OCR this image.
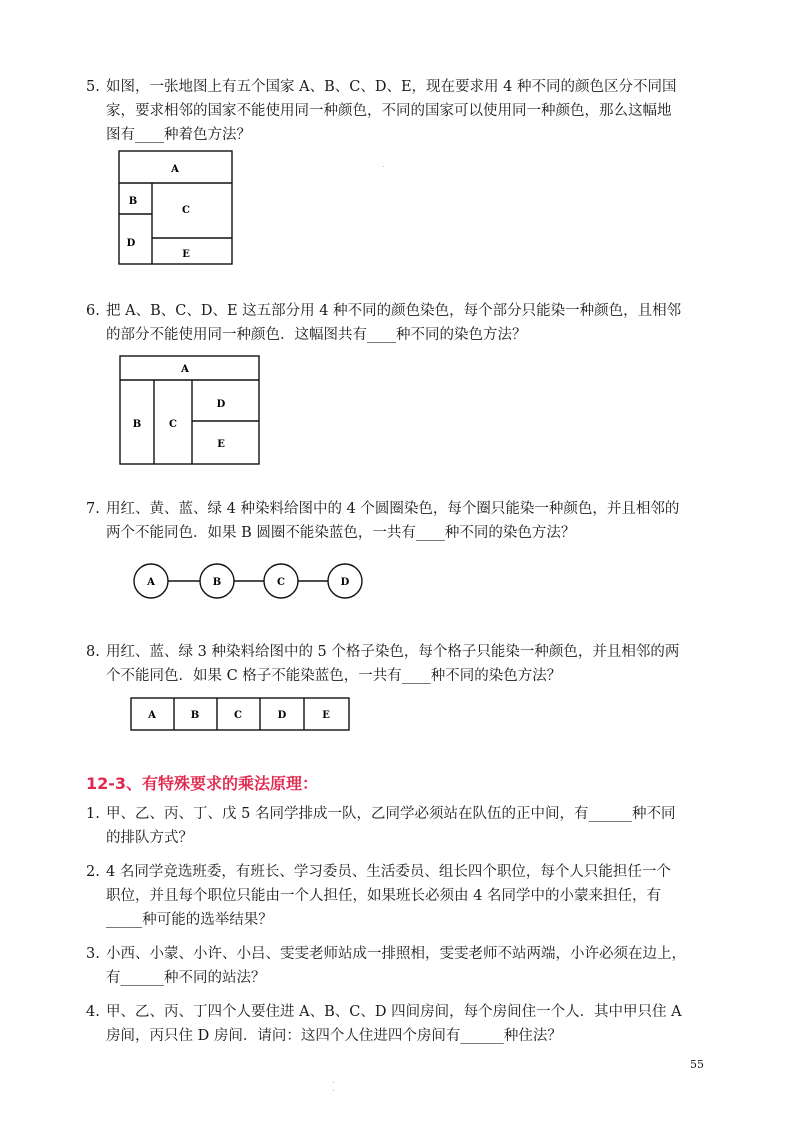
5. 如图，一张地图上有五个国家 A、B、C、D、E，现在要求用 4 种不同的颜色区分不同国
家，要求相邻的国家不能使用同一种颜色，不同的国家可以使用同一种颜色，那么这幅地
图有____种着色方法？
A
B
C
D
E
6. 把 A、B、C、D、E 这五部分用 4 种不同的颜色染色，每个部分只能染一种颜色，且相邻
的部分不能使用同一种颜色．这幅图共有____种不同的染色方法？
A
B	C
D
E
7. 用红、黄、蓝、绿 4 种染料给图中的 4 个圆圈染色，每个圈只能染一种颜色，并且相邻的
两个不能同色．如果 B 圆圈不能染蓝色，一共有____种不同的染色方法？
A	B	C	D
8. 用红、蓝、绿 3 种染料给图中的 5 个格子染色，每个格子只能染一种颜色，并且相邻的两
个不能同色．如果 C 格子不能染蓝色，一共有____种不同的染色方法？
A	B	C	D	E
12-3、有特殊要求的乘法原理：
1. 甲、乙、丙、丁、戊 5 名同学排成一队，乙同学必须站在队伍的正中间，有______种不同
的排队方式？
2. 4 名同学竞选班委，有班长、学习委员、生活委员、组长四个职位，每个人只能担任一个
职位，并且每个职位只能由一个人担任，如果班长必须由 4 名同学中的小蒙来担任，有
_____种可能的选举结果？
3. 小西、小蒙、小许、小吕、雯雯老师站成一排照相，雯雯老师不站两端，小许必须在边上，
有______种不同的站法？
4. 甲、乙、丙、丁四个人要住进 A、B、C、D 四间房间，每个房间住一个人．其中甲只住 A
房间，丙只住 D 房间．请问：这四个人住进四个房间有______种住法？
55
